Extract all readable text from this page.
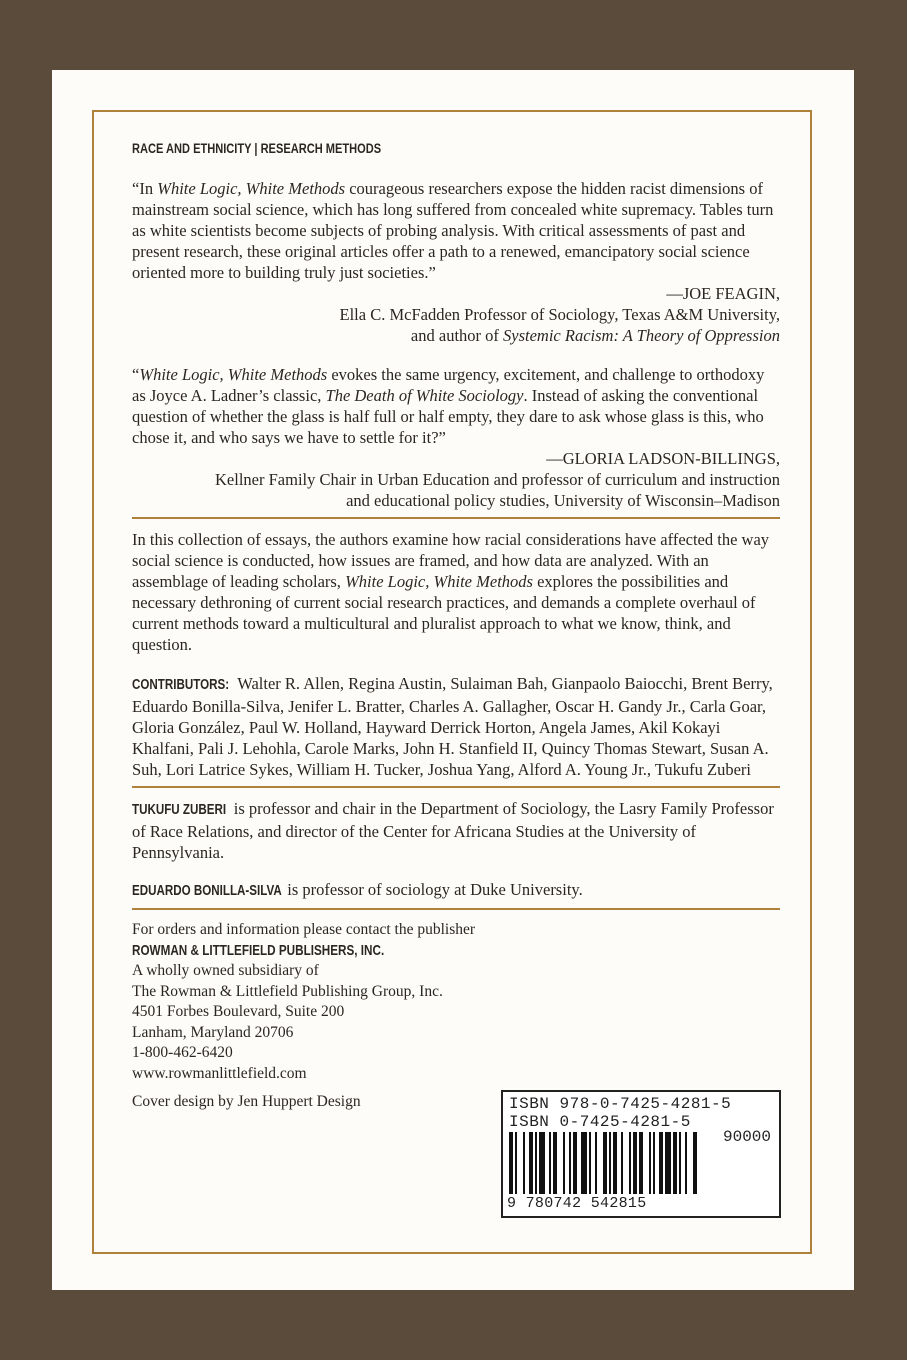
RACE AND ETHNICITY | RESEARCH METHODS

“In White Logic, White Methods courageous researchers expose the hidden racist dimensions of mainstream social science, which has long suffered from concealed white supremacy. Tables turn as white scientists become subjects of probing analysis. With critical assessments of past and present research, these original articles offer a path to a renewed, emancipatory social science oriented more to building truly just societies.”

—JOE FEAGIN,
Ella C. McFadden Professor of Sociology, Texas A&M University,
and author of Systemic Racism: A Theory of Oppression

“White Logic, White Methods evokes the same urgency, excitement, and challenge to orthodoxy as Joyce A. Ladner’s classic, The Death of White Sociology. Instead of asking the conventional question of whether the glass is half full or half empty, they dare to ask whose glass is this, who chose it, and who says we have to settle for it?”

—GLORIA LADSON-BILLINGS,
Kellner Family Chair in Urban Education and professor of curriculum and instruction and educational policy studies, University of Wisconsin–Madison

In this collection of essays, the authors examine how racial considerations have affected the way social science is conducted, how issues are framed, and how data are analyzed. With an assemblage of leading scholars, White Logic, White Methods explores the possibilities and necessary dethroning of current social research practices, and demands a complete overhaul of current methods toward a multicultural and pluralist approach to what we know, think, and question.

CONTRIBUTORS: Walter R. Allen, Regina Austin, Sulaiman Bah, Gianpaolo Baiocchi, Brent Berry, Eduardo Bonilla-Silva, Jenifer L. Bratter, Charles A. Gallagher, Oscar H. Gandy Jr., Carla Goar, Gloria González, Paul W. Holland, Hayward Derrick Horton, Angela James, Akil Kokayi Khalfani, Pali J. Lehohla, Carole Marks, John H. Stanfield II, Quincy Thomas Stewart, Susan A. Suh, Lori Latrice Sykes, William H. Tucker, Joshua Yang, Alford A. Young Jr., Tukufu Zuberi

TUKUFU ZUBERI is professor and chair in the Department of Sociology, the Lasry Family Professor of Race Relations, and director of the Center for Africana Studies at the University of Pennsylvania.

EDUARDO BONILLA-SILVA is professor of sociology at Duke University.

For orders and information please contact the publisher
ROWMAN & LITTLEFIELD PUBLISHERS, INC.
A wholly owned subsidiary of
The Rowman & Littlefield Publishing Group, Inc.
4501 Forbes Boulevard, Suite 200
Lanham, Maryland 20706
1-800-462-6420
www.rowmanlittlefield.com
Cover design by Jen Huppert Design	ISBN 978-0-7425-4281-5
ISBN 0-7425-4281-5
90000
9 780742 542815
